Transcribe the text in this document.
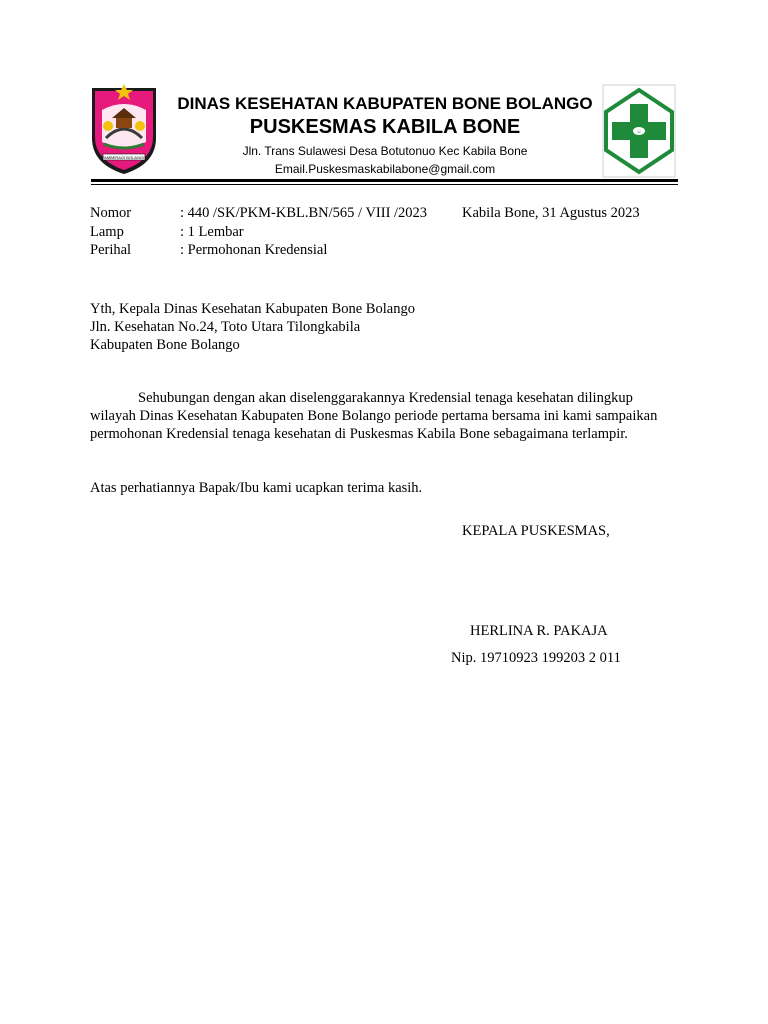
TAMBERAGI BOLANGO
☺
DINAS KESEHATAN KABUPATEN BONE BOLANGO
PUSKESMAS KABILA BONE
Jln. Trans Sulawesi Desa Botutonuo Kec Kabila Bone
Email.Puskesmaskabilabone@gmail.com
Nomor	: 440 /SK/PKM-KBL.BN/565 / VIII /2023 Kabila Bone, 31 Agustus 2023
Lamp	: 1 Lembar
Perihal	: Permohonan Kredensial
Yth, Kepala Dinas Kesehatan Kabupaten Bone Bolango
Jln. Kesehatan No.24, Toto Utara Tilongkabila
Kabupaten Bone Bolango
Sehubungan dengan akan diselenggarakannya Kredensial tenaga kesehatan dilingkup wilayah Dinas Kesehatan Kabupaten Bone Bolango periode pertama bersama ini kami sampaikan permohonan Kredensial tenaga kesehatan di Puskesmas Kabila Bone sebagaimana terlampir.
Atas perhatiannya Bapak/Ibu kami ucapkan terima kasih.
KEPALA PUSKESMAS,
HERLINA R. PAKAJA
Nip. 19710923 199203 2 011
